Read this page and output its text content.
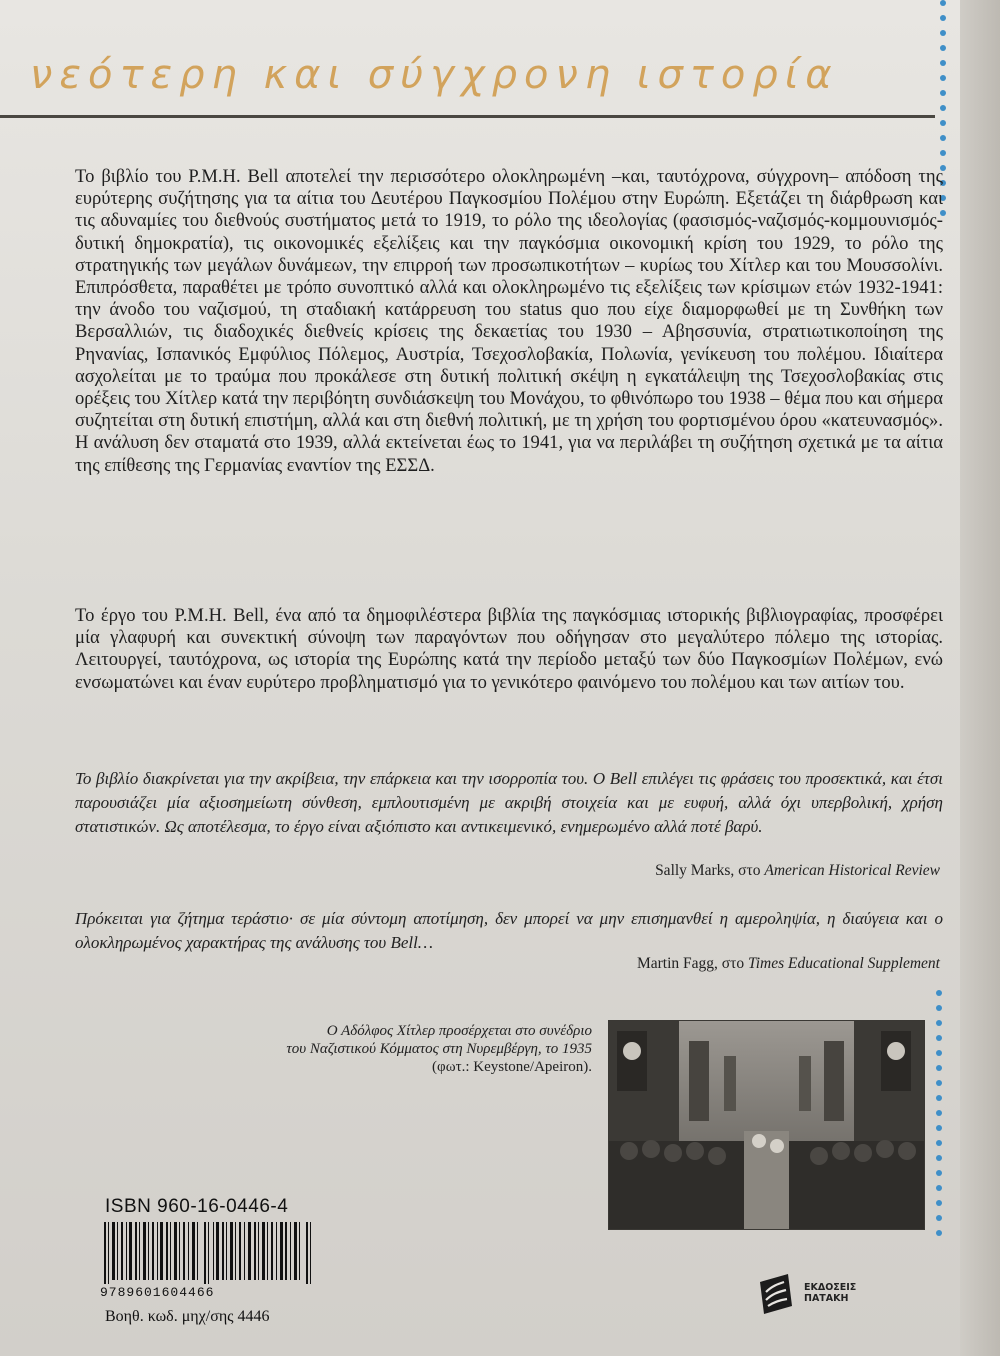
νεότερη και σύγχρονη ιστορία

Το βιβλίο του P.M.H. Bell αποτελεί την περισσότερο ολοκληρωμένη –και, ταυτόχρονα, σύγχρονη– απόδοση της ευρύτερης συζήτησης για τα αίτια του Δευτέρου Παγκοσμίου Πολέμου στην Ευρώπη. Εξετάζει τη διάρθρωση και τις αδυναμίες του διεθνούς συστήματος μετά το 1919, το ρόλο της ιδεολογίας (φασισμός-ναζισμός-κομμουνισμός-δυτική δημοκρατία), τις οικονομικές εξελίξεις και την παγκόσμια οικονομική κρίση του 1929, το ρόλο της στρατηγικής των μεγάλων δυνάμεων, την επιρροή των προσωπικοτήτων – κυρίως του Χίτλερ και του Μουσσολίνι. Επιπρόσθετα, παραθέτει με τρόπο συνοπτικό αλλά και ολοκληρωμένο τις εξελίξεις των κρίσιμων ετών 1932-1941: την άνοδο του ναζισμού, τη σταδιακή κατάρρευση του status quo που είχε διαμορφωθεί με τη Συνθήκη των Βερσαλλιών, τις διαδοχικές διεθνείς κρίσεις της δεκαετίας του 1930 – Αβησσυνία, στρατιωτικοποίηση της Ρηνανίας, Ισπανικός Εμφύλιος Πόλεμος, Αυστρία, Τσεχοσλοβακία, Πολωνία, γενίκευση του πολέμου. Ιδιαίτερα ασχολείται με το τραύμα που προκάλεσε στη δυτική πολιτική σκέψη η εγκατάλειψη της Τσεχοσλοβακίας στις ορέξεις του Χίτλερ κατά την περιβόητη συνδιάσκεψη του Μονάχου, το φθινόπωρο του 1938 – θέμα που και σήμερα συζητείται στη δυτική επιστήμη, αλλά και στη διεθνή πολιτική, με τη χρήση του φορτισμένου όρου «κατευνασμός». Η ανάλυση δεν σταματά στο 1939, αλλά εκτείνεται έως το 1941, για να περιλάβει τη συζήτηση σχετικά με τα αίτια της επίθεσης της Γερμανίας εναντίον της ΕΣΣΔ.

Το έργο του P.M.H. Bell, ένα από τα δημοφιλέστερα βιβλία της παγκόσμιας ιστορικής βιβλιογραφίας, προσφέρει μία γλαφυρή και συνεκτική σύνοψη των παραγόντων που οδήγησαν στο μεγαλύτερο πόλεμο της ιστορίας. Λειτουργεί, ταυτόχρονα, ως ιστορία της Ευρώπης κατά την περίοδο μεταξύ των δύο Παγκοσμίων Πολέμων, ενώ ενσωματώνει και έναν ευρύτερο προβληματισμό για το γενικότερο φαινόμενο του πολέμου και των αιτίων του.

Το βιβλίο διακρίνεται για την ακρίβεια, την επάρκεια και την ισορροπία του. Ο Bell επιλέγει τις φράσεις του προσεκτικά, και έτσι παρουσιάζει μία αξιοσημείωτη σύνθεση, εμπλουτισμένη με ακριβή στοιχεία και με ευφυή, αλλά όχι υπερβολική, χρήση στατιστικών. Ως αποτέλεσμα, το έργο είναι αξιόπιστο και αντικειμενικό, ενημερωμένο αλλά ποτέ βαρύ.
Sally Marks, στο American Historical Review
Πρόκειται για ζήτημα τεράστιο· σε μία σύντομη αποτίμηση, δεν μπορεί να μην επισημανθεί η αμεροληψία, η διαύγεια και ο ολοκληρωμένος χαρακτήρας της ανάλυσης του Bell…
Martin Fagg, στο Times Educational Supplement
Ο Αδόλφος Χίτλερ προσέρχεται στο συνέδριο
του Ναζιστικού Κόμματος στη Νυρεμβέργη, το 1935
(φωτ.: Keystone/Apeiron).
ISBN 960-16-0446-4
9789601604466
Βοηθ. κωδ. μηχ/σης 4446
ΕΚΔΟΣΕΙΣ
ΠΑΤΑΚΗ
